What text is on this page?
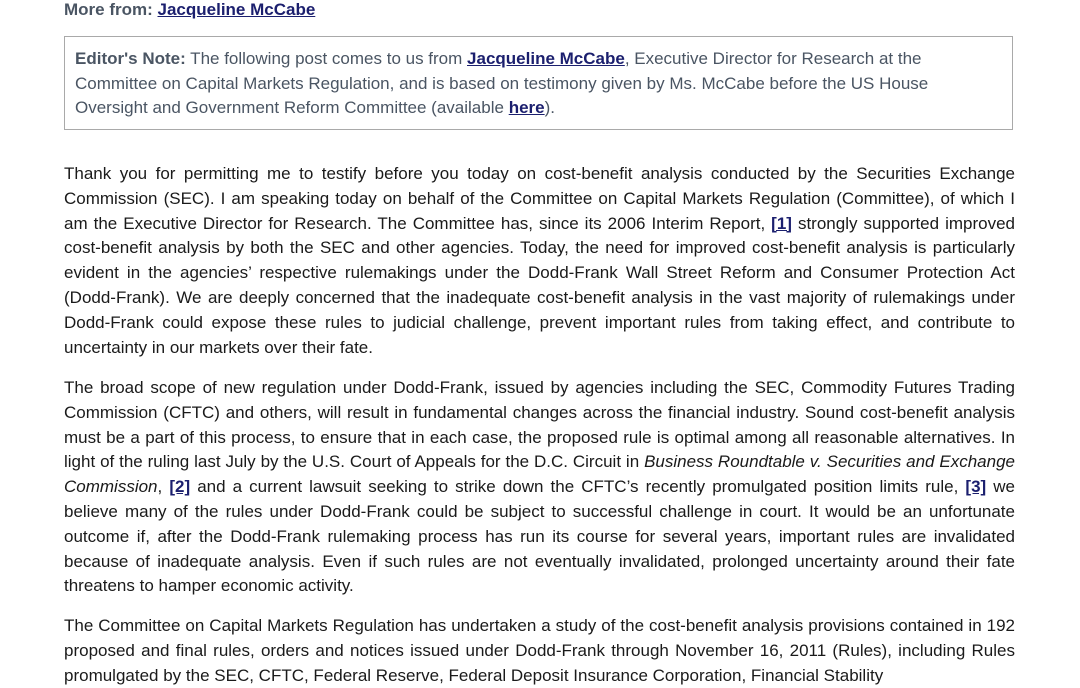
More from: Jacqueline McCabe
Editor's Note: The following post comes to us from Jacqueline McCabe, Executive Director for Research at the Committee on Capital Markets Regulation, and is based on testimony given by Ms. McCabe before the US House Oversight and Government Reform Committee (available here).

Thank you for permitting me to testify before you today on cost-benefit analysis conducted by the Securities Exchange Commission (SEC). I am speaking today on behalf of the Committee on Capital Markets Regulation (Committee), of which I am the Executive Director for Research. The Committee has, since its 2006 Interim Report, [1] strongly supported improved cost-benefit analysis by both the SEC and other agencies. Today, the need for improved cost-benefit analysis is particularly evident in the agencies’ respective rulemakings under the Dodd-Frank Wall Street Reform and Consumer Protection Act (Dodd-Frank). We are deeply concerned that the inadequate cost-benefit analysis in the vast majority of rulemakings under Dodd-Frank could expose these rules to judicial challenge, prevent important rules from taking effect, and contribute to uncertainty in our markets over their fate.

The broad scope of new regulation under Dodd-Frank, issued by agencies including the SEC, Commodity Futures Trading Commission (CFTC) and others, will result in fundamental changes across the financial industry. Sound cost-benefit analysis must be a part of this process, to ensure that in each case, the proposed rule is optimal among all reasonable alternatives. In light of the ruling last July by the U.S. Court of Appeals for the D.C. Circuit in Business Roundtable v. Securities and Exchange Commission, [2] and a current lawsuit seeking to strike down the CFTC’s recently promulgated position limits rule, [3] we believe many of the rules under Dodd-Frank could be subject to successful challenge in court. It would be an unfortunate outcome if, after the Dodd-Frank rulemaking process has run its course for several years, important rules are invalidated because of inadequate analysis. Even if such rules are not eventually invalidated, prolonged uncertainty around their fate threatens to hamper economic activity.

The Committee on Capital Markets Regulation has undertaken a study of the cost-benefit analysis provisions contained in 192 proposed and final rules, orders and notices issued under Dodd-Frank through November 16, 2011 (Rules), including Rules promulgated by the SEC, CFTC, Federal Reserve, Federal Deposit Insurance Corporation, Financial Stability
